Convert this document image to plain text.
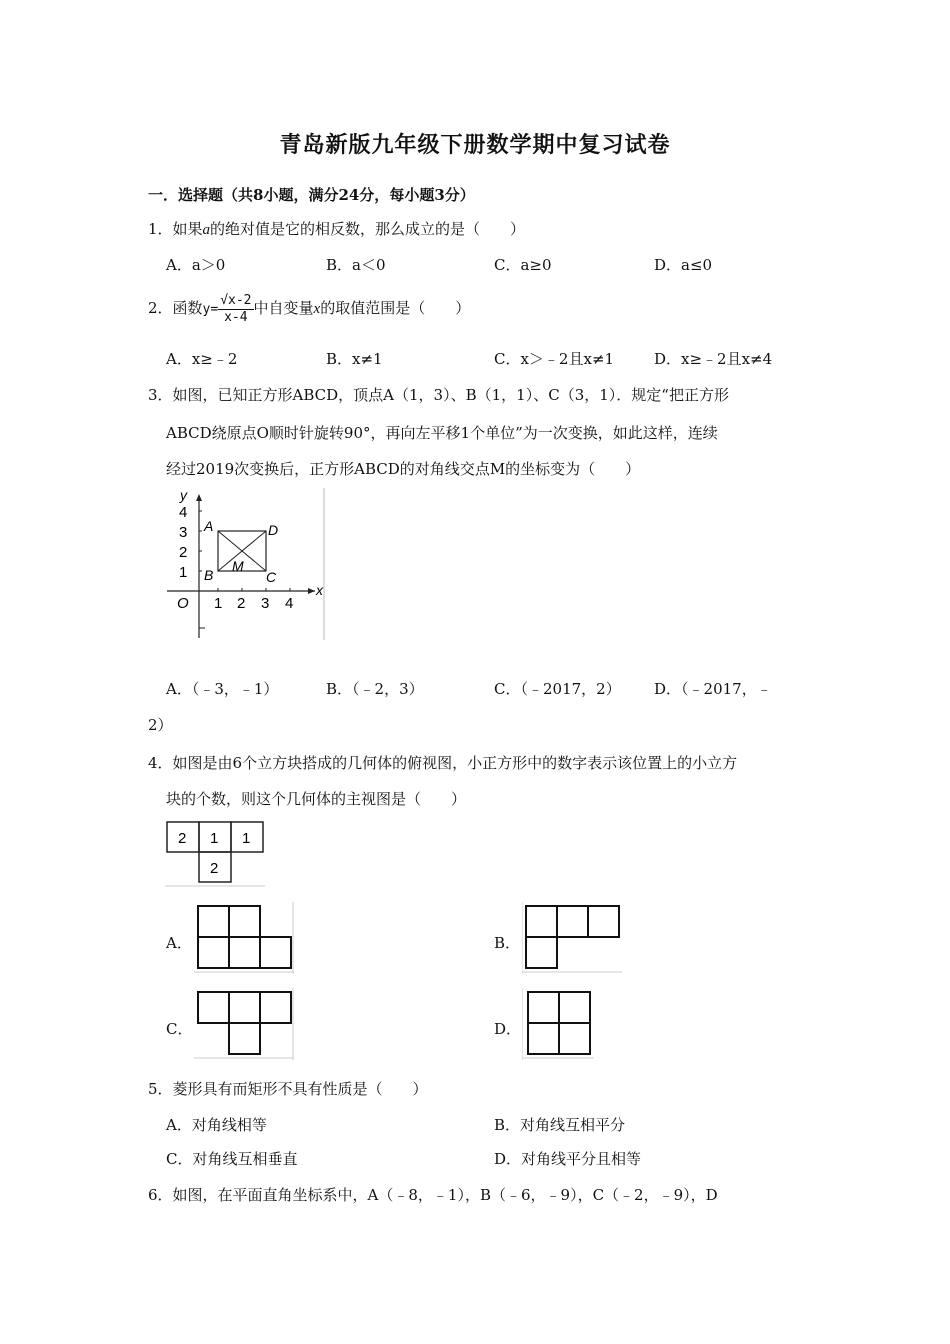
青岛新版九年级下册数学期中复习试卷
一．选择题（共8小题，满分24分，每小题3分）
1．如果a的绝对值是它的相反数，那么成立的是（　　）
A．a＞0	B．a＜0	C．a≥0	D．a≤0
2．函数$y= \frac{√x-2}{x-4}$ 中自变量x的取值范围是（　　）
A．x≥﹣2	B．x≠1	C．x＞﹣2且x≠1	D．x≥﹣2且x≠4
3．如图，已知正方形ABCD，顶点A（1，3）、B（1，1）、C（3，1）．规定“把正方形
ABCD绕原点O顺时针旋转90°，再向左平移1个单位”为一次变换，如此这样，连续
经过2019次变换后，正方形ABCD的对角线交点M的坐标变为（　　）
y
x
O 1 2 3 4
1
2
3
4
A	D
B	C
M
A．（﹣3，﹣1）	B．（﹣2，3）	C．（﹣2017，2） D．（﹣2017，﹣
2）
4．如图是由6个立方块搭成的几何体的俯视图，小正方形中的数字表示该位置上的小立方
块的个数，则这个几何体的主视图是（　　）
2 1 1
2
A．	B．
C．	D．
5．菱形具有而矩形不具有性质是（　　）
A．对角线相等	B．对角线互相平分
C．对角线互相垂直	D．对角线平分且相等
6．如图，在平面直角坐标系中，A（﹣8，﹣1），B（﹣6，﹣9），C（﹣2，﹣9），D
